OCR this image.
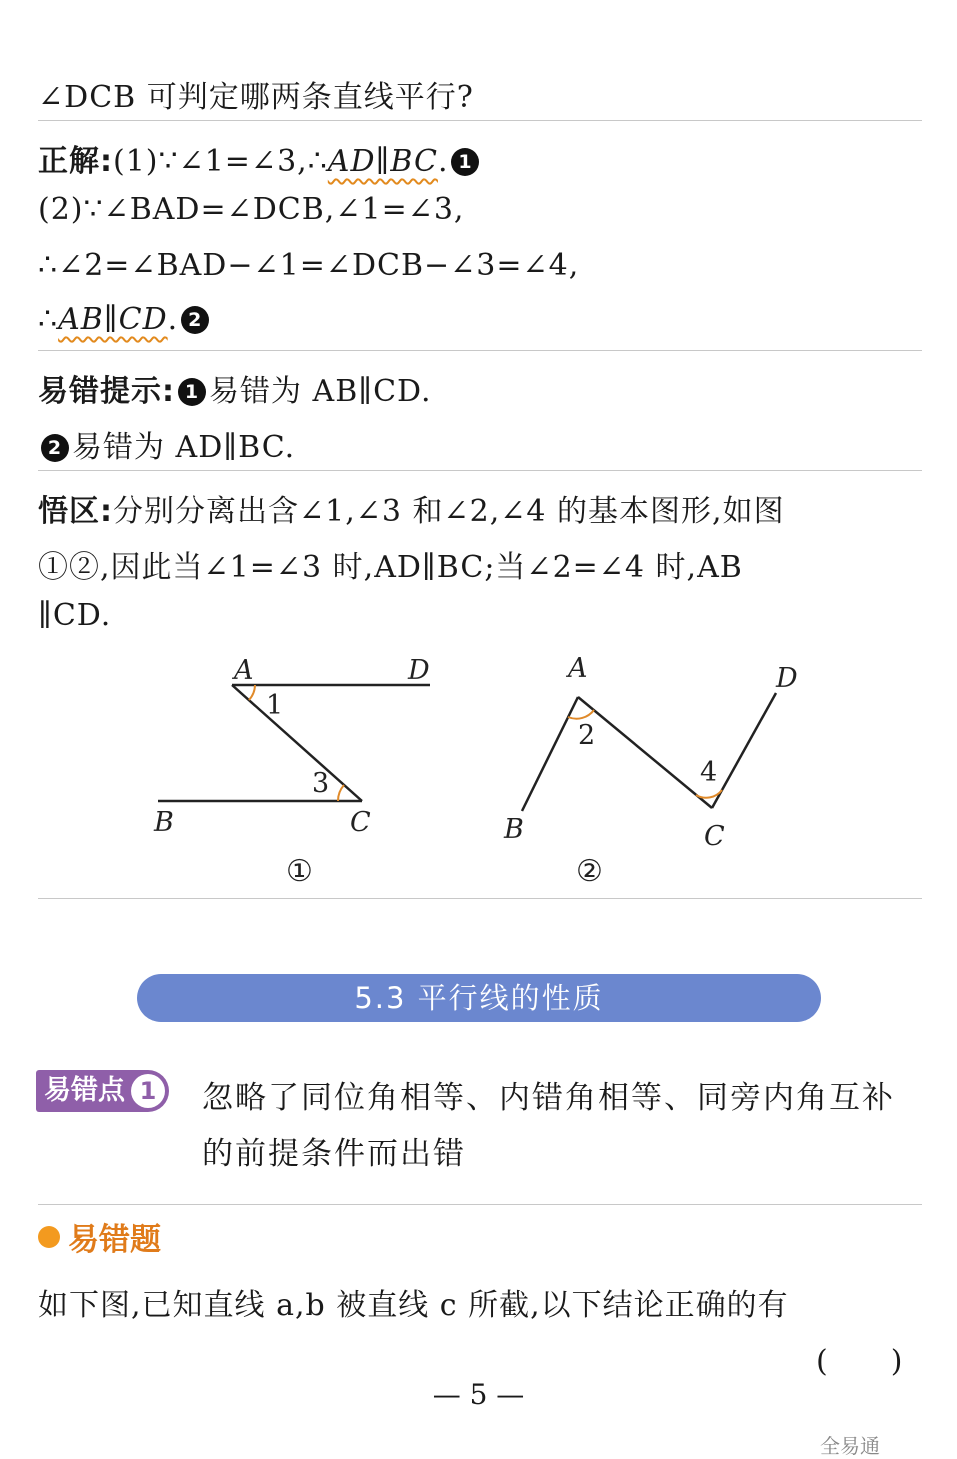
∠DCB 可判定哪两条直线平行?
正解:(1)∵∠1=∠3,∴AD∥BC. 1
(2)∵∠BAD=∠DCB,∠1=∠3,
∴∠2=∠BAD−∠1=∠DCB−∠3=∠4,
∴AB∥CD. 2
易错提示: 1 易错为 AB∥CD.
2 易错为 AD∥BC.
悟区:分别分离出含∠1,∠3 和∠2,∠4 的基本图形,如图
①②,因此当∠1=∠3 时,AD∥BC;当∠2=∠4 时,AB
∥CD.
A	D
B	C
1
3
①
A	D
B	C
2
4
②
5.3 平行线的性质
易错点 1 忽略了同位角相等、内错角相等、同旁内角互补
的前提条件而出错
易错题
如下图,已知直线 a,b 被直线 c 所截,以下结论正确的有
(　　)
— 5 —
全易通
